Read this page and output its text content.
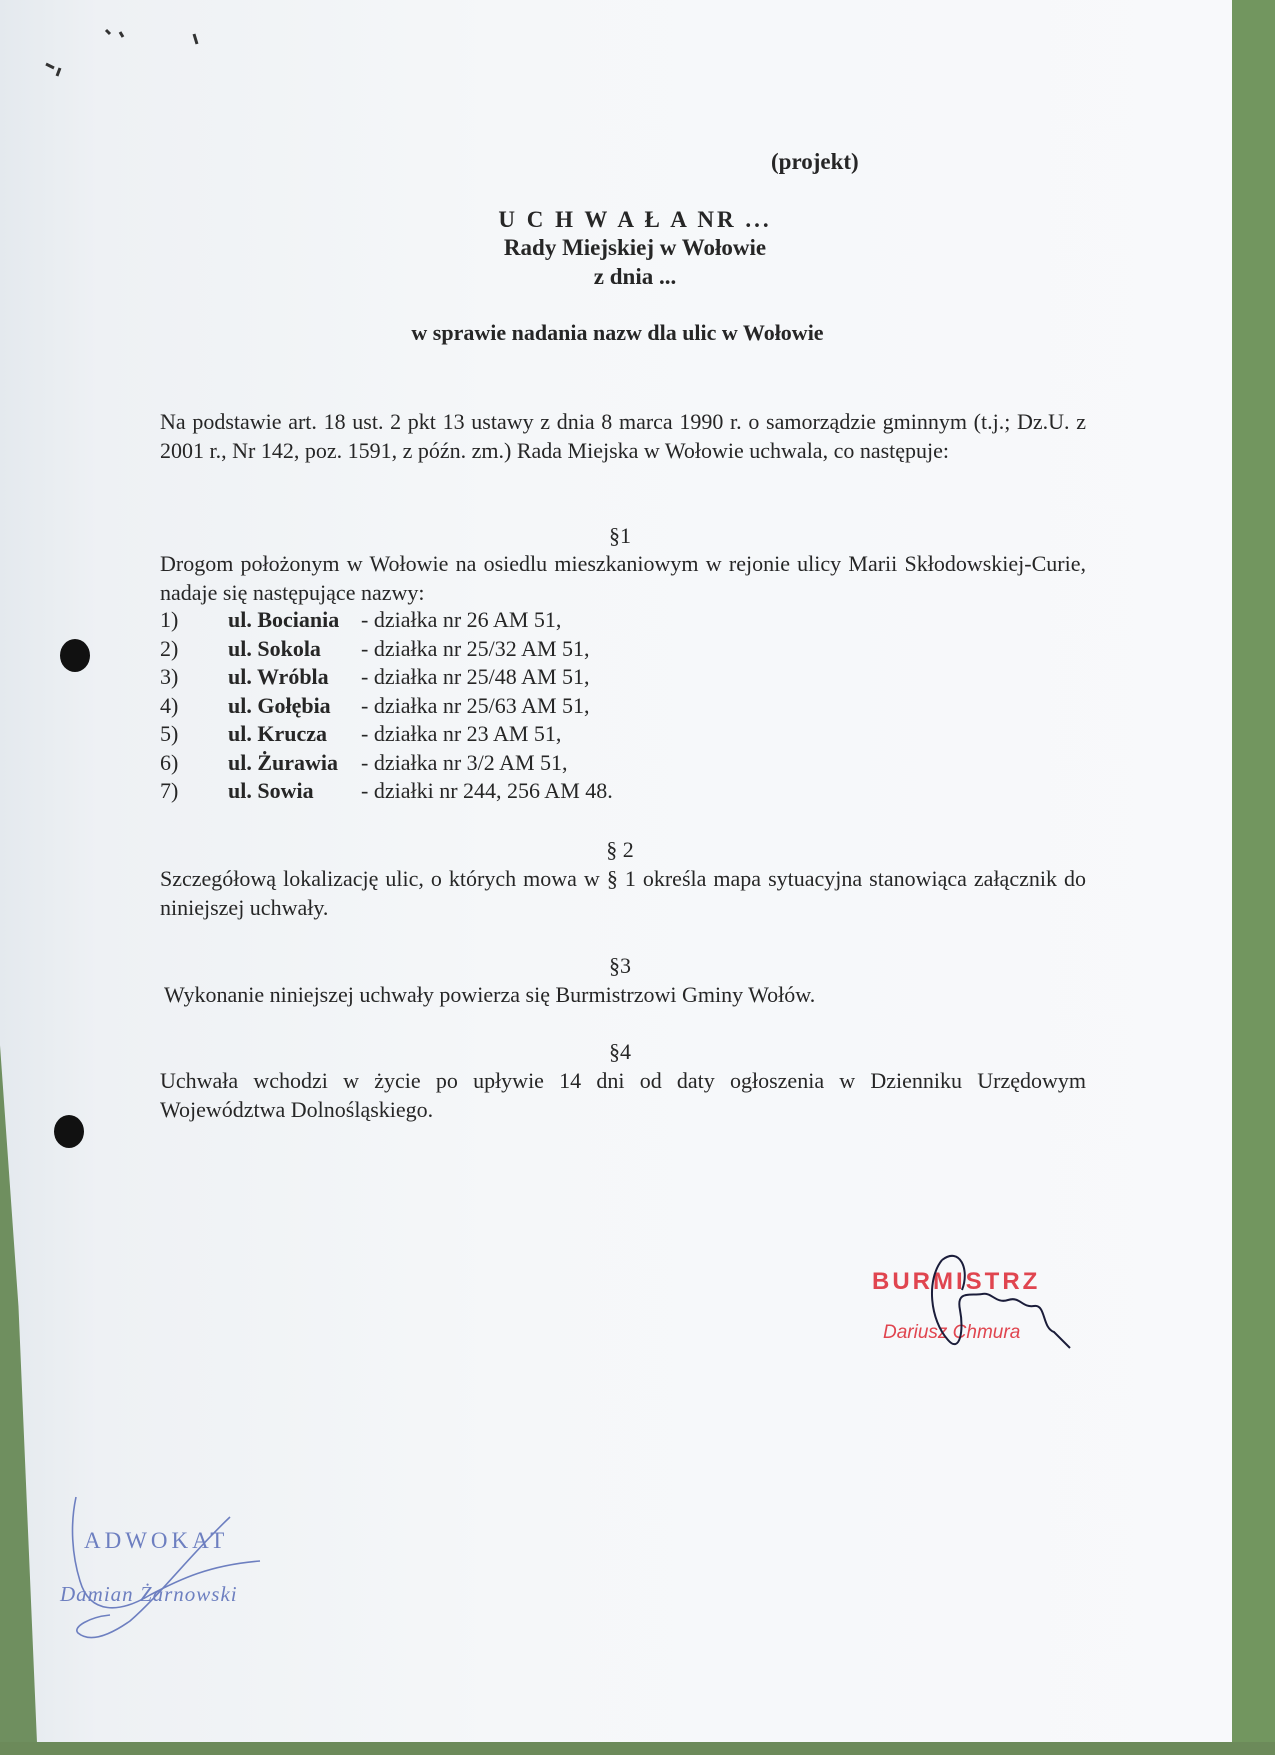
(projekt)
U C H W A Ł A NR ...
Rady Miejskiej w Wołowie
z dnia ...
w sprawie nadania nazw dla ulic w Wołowie
Na podstawie art. 18 ust. 2 pkt 13 ustawy z dnia 8 marca 1990 r. o samorządzie gminnym (t.j.; Dz.U. z 2001 r., Nr 142, poz. 1591, z późn. zm.) Rada Miejska w Wołowie uchwala, co następuje:
§1
Drogom położonym w Wołowie na osiedlu mieszkaniowym w rejonie ulicy Marii Skłodowskiej-Curie, nadaje się następujące nazwy:
1)	ul. Bociania - działka nr 26 AM 51,
2)	ul. Sokola	- działka nr 25/32 AM 51,
3)	ul. Wróbla	- działka nr 25/48 AM 51,
4)	ul. Gołębia	- działka nr 25/63 AM 51,
5)	ul. Krucza	- działka nr 23 AM 51,
6)	ul. Żurawia	- działka nr 3/2 AM 51,
7)	ul. Sowia	- działki nr 244, 256 AM 48.
§ 2
Szczegółową lokalizację ulic, o których mowa w § 1 określa mapa sytuacyjna stanowiąca załącznik do niniejszej uchwały.
§3
Wykonanie niniejszej uchwały powierza się Burmistrzowi Gminy Wołów.
§4
Uchwała wchodzi w życie po upływie 14 dni od daty ogłoszenia w Dzienniku Urzędowym Województwa Dolnośląskiego.
BURMISTRZ
Dariusz Chmura
ADWOKAT
Damian Żarnowski
